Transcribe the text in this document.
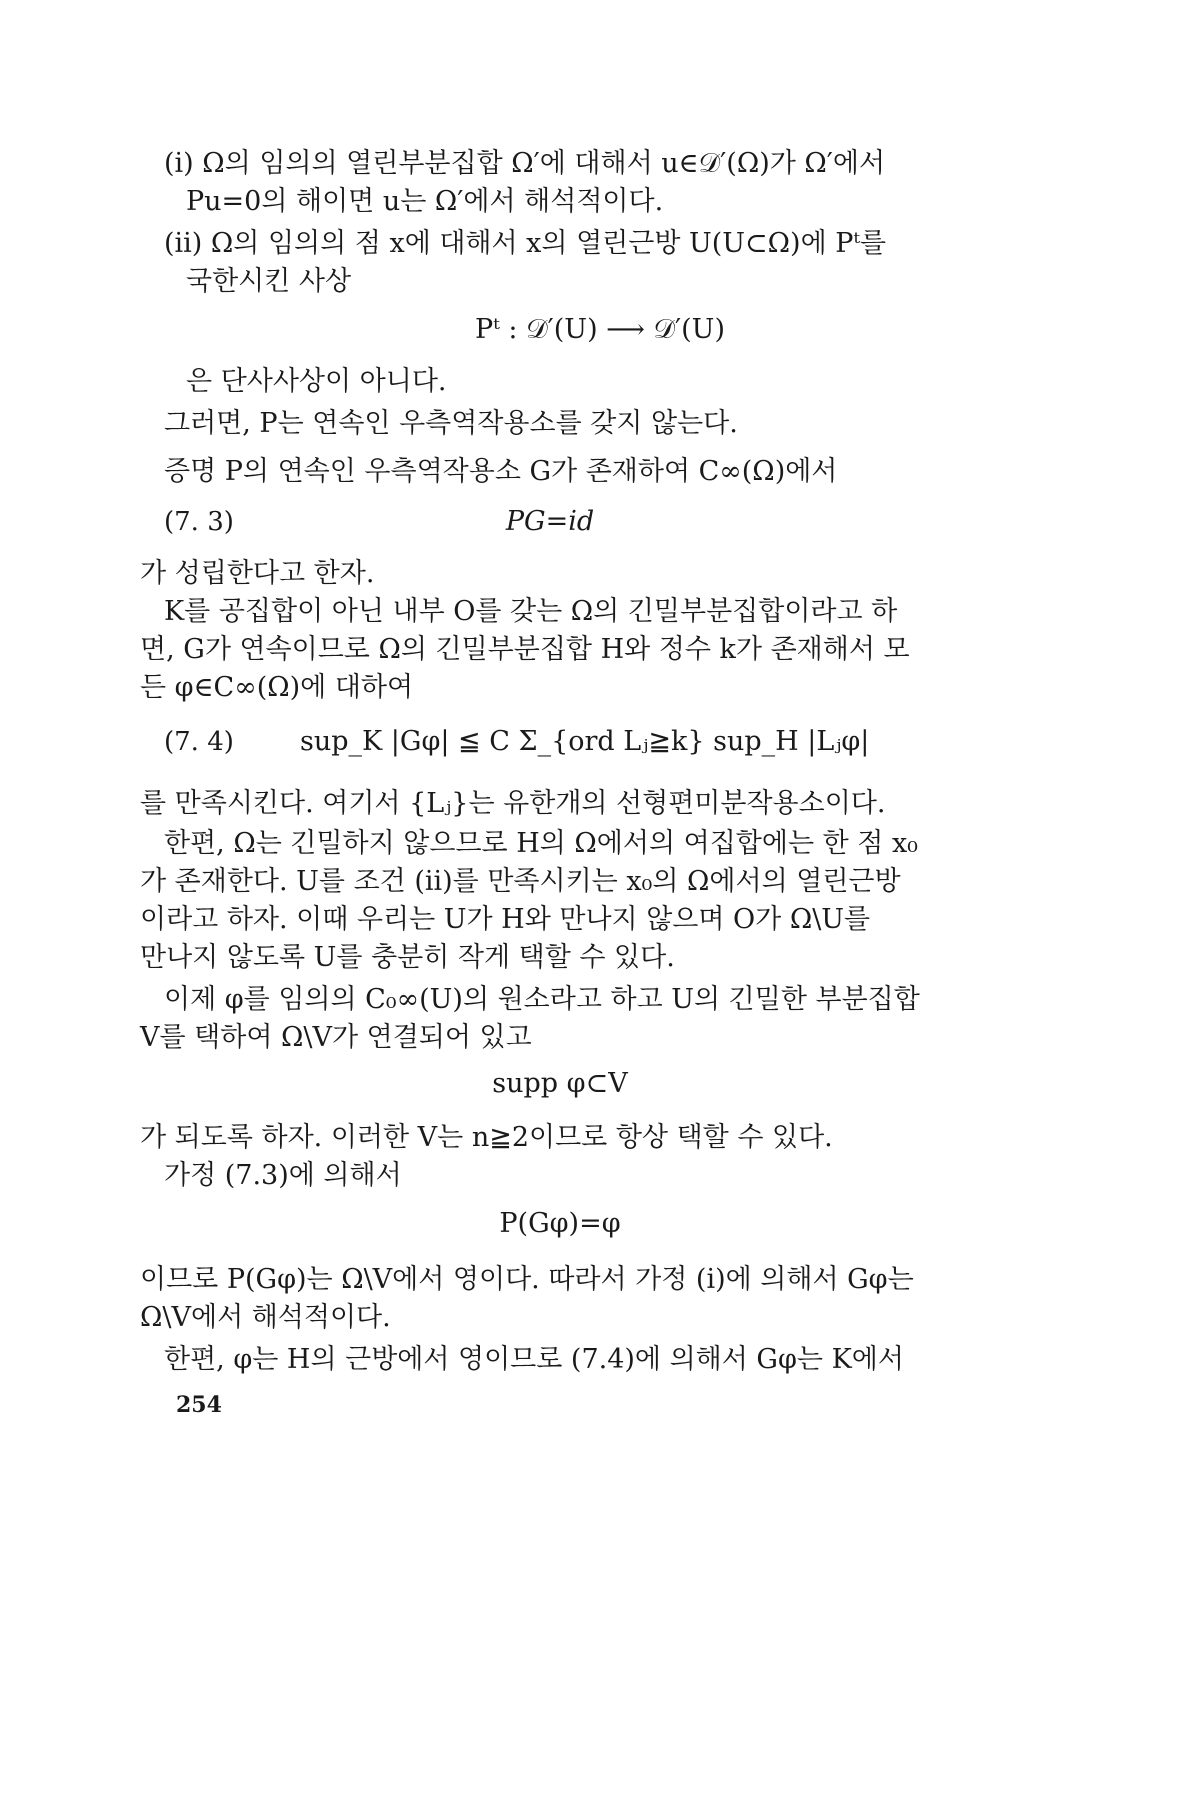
(i) Ω의 임의의 열린부분집합 Ω′에 대해서 u∈𝒟′(Ω)가 Ω′에서

Pu=0의 해이면 u는 Ω′에서 해석적이다.

(ii) Ω의 임의의 점 x에 대해서 x의 열린근방 U(U⊂Ω)에 Pᵗ를

국한시킨 사상

Pᵗ : 𝒟′(U) ⟶ 𝒟′(U)

은 단사사상이 아니다.

그러면, P는 연속인 우측역작용소를 갖지 않는다.

증명 P의 연속인 우측역작용소 G가 존재하여 C∞(Ω)에서

(7. 3)	PG=id

가 성립한다고 한자.

K를 공집합이 아닌 내부 O를 갖는 Ω의 긴밀부분집합이라고 하

면, G가 연속이므로 Ω의 긴밀부분집합 H와 정수 k가 존재해서 모

든 φ∈C∞(Ω)에 대하여

(7. 4) sup_K |Gφ| ≦ C Σ_{ord Lⱼ≧k} sup_H |Lⱼφ|

를 만족시킨다. 여기서 {Lⱼ}는 유한개의 선형편미분작용소이다.

한편, Ω는 긴밀하지 않으므로 H의 Ω에서의 여집합에는 한 점 x₀

가 존재한다. U를 조건 (ii)를 만족시키는 x₀의 Ω에서의 열린근방

이라고 하자. 이때 우리는 U가 H와 만나지 않으며 O가 Ω\U를

만나지 않도록 U를 충분히 작게 택할 수 있다.

이제 φ를 임의의 C₀∞(U)의 원소라고 하고 U의 긴밀한 부분집합

V를 택하여 Ω\V가 연결되어 있고

supp φ⊂V

가 되도록 하자. 이러한 V는 n≧2이므로 항상 택할 수 있다.

가정 (7.3)에 의해서

P(Gφ)=φ

이므로 P(Gφ)는 Ω\V에서 영이다. 따라서 가정 (i)에 의해서 Gφ는

Ω\V에서 해석적이다.

한편, φ는 H의 근방에서 영이므로 (7.4)에 의해서 Gφ는 K에서

254
